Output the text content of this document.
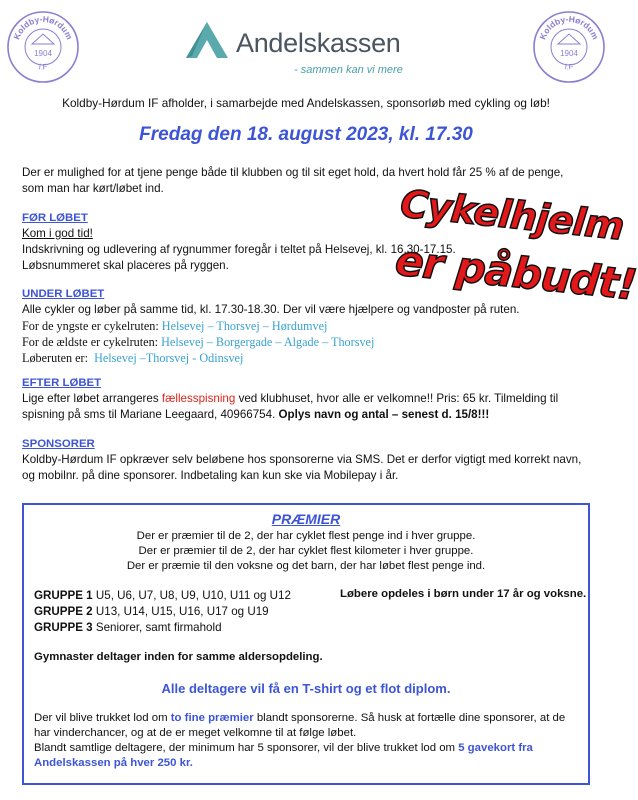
Koldby-Hørdum
I.F
1904
Koldby-Hørdum
I.F
1904
Andelskassen
- sammen kan vi mere
Koldby-Hørdum IF afholder, i samarbejde med Andelskassen, sponsorløb med cykling og løb!
Fredag den 18. august 2023, kl. 17.30
Der er mulighed for at tjene penge både til klubben og til sit eget hold, da hvert hold får 25 % af de penge,
som man har kørt/løbet ind.	Cykelhjelm
er påbudt!
FØR LØBET
Kom i god tid!
Indskrivning og udlevering af rygnummer foregår i teltet på Helsevej, kl. 16.30-17.15.
Løbsnummeret skal placeres på ryggen.
UNDER LØBET
Alle cykler og løber på samme tid, kl. 17.30-18.30. Der vil være hjælpere og vandposter på ruten.
For de yngste er cykelruten: Helsevej – Thorsvej – Hørdumvej
For de ældste er cykelruten: Helsevej – Borgergade – Algade – Thorsvej
Løberuten er: Helsevej –Thorsvej - Odinsvej
EFTER LØBET
Lige efter løbet arrangeres fællesspisning ved klubhuset, hvor alle er velkomne!! Pris: 65 kr. Tilmelding til
spisning på sms til Mariane Leegaard, 40966754. Oplys navn og antal – senest d. 15/8!!!
SPONSORER
Koldby-Hørdum IF opkræver selv beløbene hos sponsorerne via SMS. Det er derfor vigtigt med korrekt navn,
og mobilnr. på dine sponsorer. Indbetaling kan kun ske via Mobilepay i år.
PRÆMIER
Der er præmier til de 2, der har cyklet flest penge ind i hver gruppe.
Der er præmier til de 2, der har cyklet flest kilometer i hver gruppe.
Der er præmie til den voksne og det barn, der har løbet flest penge ind.
GRUPPE 1 U5, U6, U7, U8, U9, U10, U11 og U12
GRUPPE 2 U13, U14, U15, U16, U17 og U19
GRUPPE 3 Seniorer, samt firmahold
Løbere opdeles i børn under 17 år og voksne.
Gymnaster deltager inden for samme aldersopdeling.
Alle deltagere vil få en T-shirt og et flot diplom.
Der vil blive trukket lod om to fine præmier blandt sponsorerne. Så husk at fortælle dine sponsorer, at de
har vinderchancer, og at de er meget velkomne til at følge løbet.
Blandt samtlige deltagere, der minimum har 5 sponsorer, vil der blive trukket lod om 5 gavekort fra
Andelskassen på hver 250 kr.
